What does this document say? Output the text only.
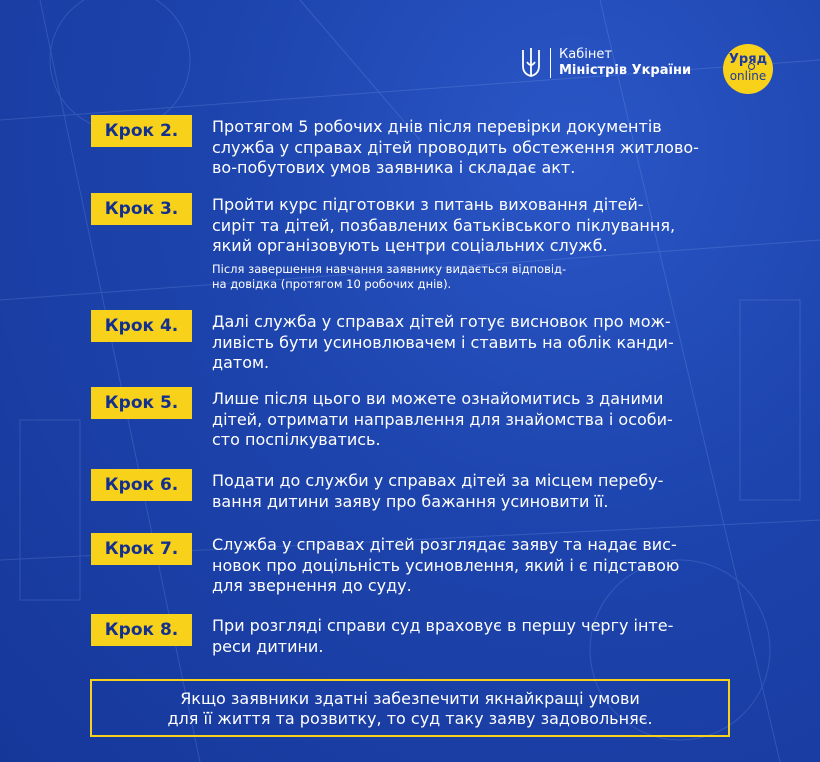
Кабінет
Міністрів України
Уряд
online
Крок 2.	Протягом 5 робочих днів після перевірки документів
служба у справах дітей проводить обстеження житлово-
во-побутових умов заявника і складає акт.
Крок 3.	Пройти курс підготовки з питань виховання дітей-
сиріт та дітей, позбавлених батьківського піклування,
який організовують центри соціальних служб.
Після завершення навчання заявнику видається відповід-
на довідка (протягом 10 робочих днів).
Крок 4.	Далі служба у справах дітей готує висновок про мож-
ливість бути усиновлювачем і ставить на облік канди-
датом.
Крок 5.	Лише після цього ви можете ознайомитись з даними
дітей, отримати направлення для знайомства і особи-
сто поспілкуватись.
Крок 6.	Подати до служби у справах дітей за місцем перебу-
вання дитини заяву про бажання усиновити її.
Крок 7.	Служба у справах дітей розглядає заяву та надає вис-
новок про доцільність усиновлення, який і є підставою
для звернення до суду.
Крок 8.	При розгляді справи суд враховує в першу чергу інте-
реси дитини.
Якщо заявники здатні забезпечити якнайкращі умови
для її життя та розвитку, то суд таку заяву задовольняє.
